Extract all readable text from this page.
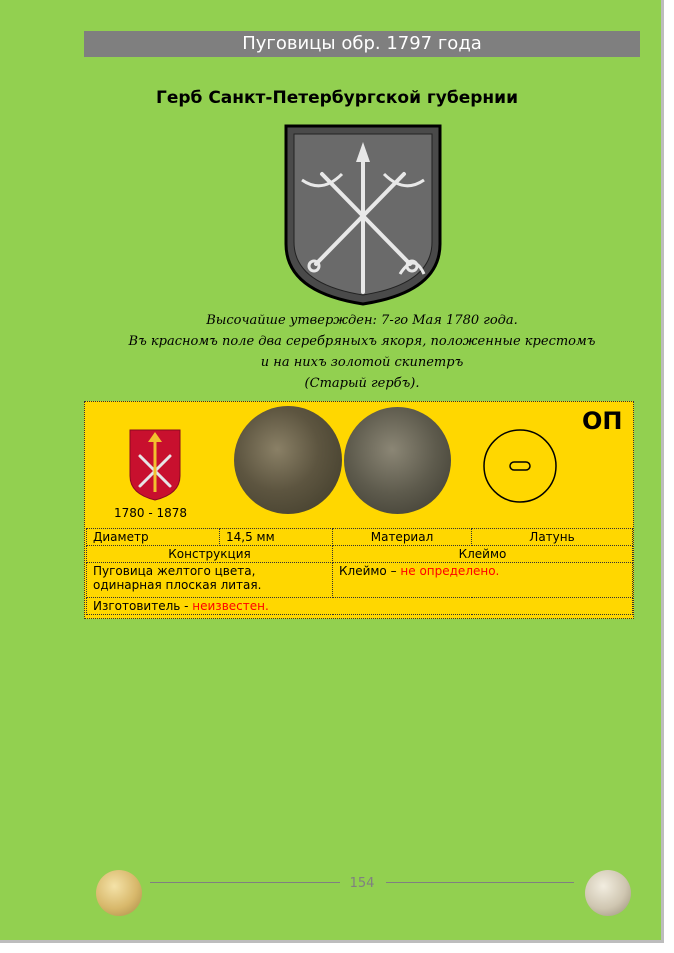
Пуговицы обр. 1797 года
Герб Санкт-Петербургской губернии
Высочайше утвержден: 7-го Мая 1780 года.
Въ красномъ поле два серебряныхъ якоря, положенные крестомъ
и на нихъ золотой скипетръ
(Старый гербъ).
1780 - 1878
ОП
Диаметр	14,5 мм	Материал	Латунь
Конструкция		Клеймо	
Пуговица желтого цвета, одинарная плоская литая.		Клеймо – не определено.	
Изготовитель - неизвестен.			
154
